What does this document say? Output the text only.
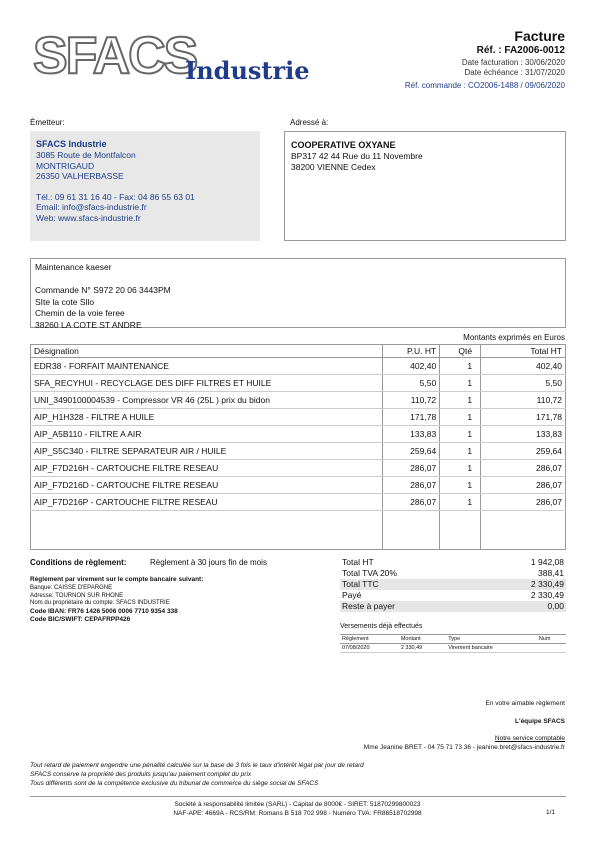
SFACS
Industrie
Facture
Réf. : FA2006-0012
Date facturation : 30/06/2020
Date échéance : 31/07/2020
Réf. commande : CO2006-1488 / 09/06/2020
Émetteur:	Adressé à:
SFACS Industrie
3085 Route de Montfalcon
MONTRIGAUD
26350 VALHERBASSE
Tél.: 09 61 31 16 40 - Fax: 04 86 55 63 01
Email: info@sfacs-industrie.fr
Web: www.sfacs-industrie.fr
COOPERATIVE OXYANE
BP317 42 44 Rue du 11 Novembre
38200 VIENNE Cedex
Maintenance kaeser
Commande N° S972 20 06 3443PM
SIte la cote Sllo
Chemin de la voie feree
38260 LA COTE ST ANDRE
Montants exprimés en Euros
Désignation	P.U. HT	Qté	Total HT
EDR38 - FORFAIT MAINTENANCE	402,40	1	402,40
SFA_RECYHUI - RECYCLAGE DES DIFF FILTRES ET HUILE	5,50	1	5,50
UNI_3490100004539 - Compressor VR 46 (25L ) prix du bidon	110,72	1	110,72
AIP_H1H328 - FILTRE A HUILE	171,78	1	171,78
AIP_A5B110 - FILTRE A AIR	133,83	1	133,83
AIP_S5C340 - FILTRE SEPARATEUR AIR / HUILE	259,64	1	259,64
AIP_F7D216H - CARTOUCHE FILTRE RESEAU	286,07	1	286,07
AIP_F7D216D - CARTOUCHE FILTRE RESEAU	286,07	1	286,07
AIP_F7D216P - CARTOUCHE FILTRE RESEAU	286,07	1	286,07

Conditions de règlement:	Règlement à 30 jours fin de mois
Règlement par virement sur le compte bancaire suivant:
Banque: CAISSE D'EPARGNE
Adresse: TOURNON SUR RHONE
Nom du propriétaire du compte: SFACS INDUSTRIE
Code IBAN: FR76 1426 5006 0006 7710 9354 338
Code BIC/SWIFT: CEPAFRPP426
Total HT	1 942,08
Total TVA 20%	388,41
Total TTC	2 330,49
Payé	2 330,49
Reste à payer	0,00
Versements déjà effectués
Règlement	Montant	Type	Num
07/08/2020	2 330,49	Virement bancaire	
En votre aimable règlement
L'équipe SFACS
Notre service comptable
Mme Jeanine BRET - 04 75 71 73 36 - jeanine.bret@sfacs-industrie.fr
Tout retard de paiement engendre une pénalité calculée sur la base de 3 fois le taux d'intérêt légal par jour de retard
SFACS conserve la propriété des produits jusqu'au paiement complet du prix
Tous différents sont de la compétence exclusive du tribunal de commerce du siège social de SFACS
Société à responsabilité limitée (SARL) - Capital de 8000€ - SIRET: 51870299800023
NAF-APE: 4669A - RCS/RM: Romans B 518 702 998 - Numéro TVA: FR86518702998	1/1
